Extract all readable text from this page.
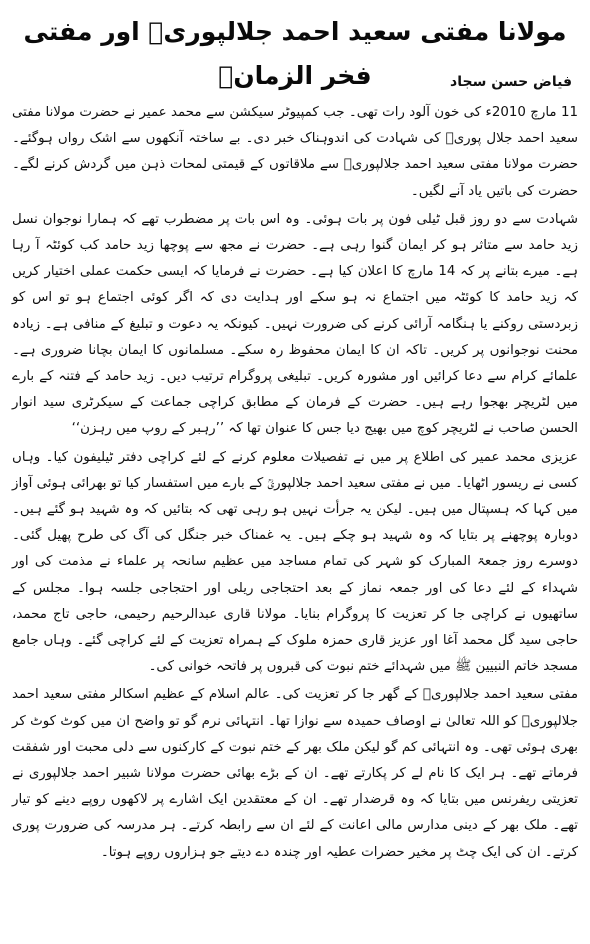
مولانا مفتی سعید احمد جلالپوریؒ اور مفتی فخر الزمانؒ	فیاض حسن سجاد

11 مارچ 2010ء کی خون آلود رات تھی۔ جب کمپیوٹر سیکشن سے محمد عمیر نے حضرت مولانا مفتی سعید احمد جلال پوریؒ کی شہادت کی اندوہناک خبر دی۔ بے ساختہ آنکھوں سے اشک رواں ہوگئے۔ حضرت مولانا مفتی سعید احمد جلالپوریؒ سے ملاقاتوں کے قیمتی لمحات ذہن میں گردش کرنے لگے۔ حضرت کی باتیں یاد آنے لگیں۔

شہادت سے دو روز قبل ٹیلی فون پر بات ہوئی۔ وہ اس بات پر مضطرب تھے کہ ہمارا نوجوان نسل زید حامد سے متاثر ہو کر ایمان گنوا رہی ہے۔ حضرت نے مجھ سے پوچھا زید حامد کب کوئٹہ آ رہا ہے۔ میرے بتانے پر کہ 14 مارچ کا اعلان کیا ہے۔ حضرت نے فرمایا کہ ایسی حکمت عملی اختیار کریں کہ زید حامد کا کوئٹہ میں اجتماع نہ ہو سکے اور ہدایت دی کہ اگر کوئی اجتماع ہو تو اس کو زبردستی روکنے یا ہنگامہ آرائی کرنے کی ضرورت نہیں۔ کیونکہ یہ دعوت و تبلیغ کے منافی ہے۔ زیادہ محنت نوجوانوں پر کریں۔ تاکہ ان کا ایمان محفوظ رہ سکے۔ مسلمانوں کا ایمان بچانا ضروری ہے۔ علمائے کرام سے دعا کرائیں اور مشورہ کریں۔ تبلیغی پروگرام ترتیب دیں۔ زید حامد کے فتنہ کے بارے میں لٹریچر بھجوا رہے ہیں۔ حضرت کے فرمان کے مطابق کراچی جماعت کے سیکرٹری سید انوار الحسن صاحب نے لٹریچر کوچ میں بھیج دیا جس کا عنوان تھا کہ ’’رہبر کے روپ میں رہزن‘‘

عزیزی محمد عمیر کی اطلاع پر میں نے تفصیلات معلوم کرنے کے لئے کراچی دفتر ٹیلیفون کیا۔ وہاں کسی نے ریسور اٹھایا۔ میں نے مفتی سعید احمد جلالپوریؒ کے بارے میں استفسار کیا تو بھرائی ہوئی آواز میں کہا کہ ہسپتال میں ہیں۔ لیکن یہ جرأت نہیں ہو رہی تھی کہ بتائیں کہ وہ شہید ہو گئے ہیں۔ دوبارہ پوچھنے پر بتایا کہ وہ شہید ہو چکے ہیں۔ یہ غمناک خبر جنگل کی آگ کی طرح پھیل گئی۔ دوسرے روز جمعۃ المبارک کو شہر کی تمام مساجد میں عظیم سانحہ پر علماء نے مذمت کی اور شہداء کے لئے دعا کی اور جمعہ نماز کے بعد احتجاجی ریلی اور احتجاجی جلسہ ہوا۔ مجلس کے ساتھیوں نے کراچی جا کر تعزیت کا پروگرام بنایا۔ مولانا قاری عبدالرحیم رحیمی، حاجی تاج محمد، حاجی سید گل محمد آغا اور عزیز قاری حمزہ ملوک کے ہمراہ تعزیت کے لئے کراچی گئے۔ وہاں جامع مسجد خاتم النبیین ﷺ میں شہدائے ختم نبوت کی قبروں پر فاتحہ خوانی کی۔

مفتی سعید احمد جلالپوریؒ کے گھر جا کر تعزیت کی۔ عالم اسلام کے عظیم اسکالر مفتی سعید احمد جلالپوریؒ کو اللہ تعالیٰ نے اوصاف حمیدہ سے نوازا تھا۔ انتہائی نرم گو تو واضح ان میں کوٹ کوٹ کر بھری ہوئی تھی۔ وہ انتہائی کم گو لیکن ملک بھر کے ختم نبوت کے کارکنوں سے دلی محبت اور شفقت فرماتے تھے۔ ہر ایک کا نام لے کر پکارتے تھے۔ ان کے بڑے بھائی حضرت مولانا شبیر احمد جلالپوری نے تعزیتی ریفرنس میں بتایا کہ وہ قرضدار تھے۔ ان کے معتقدین ایک اشارے پر لاکھوں روپے دینے کو تیار تھے۔ ملک بھر کے دینی مدارس مالی اعانت کے لئے ان سے رابطہ کرتے۔ ہر مدرسہ کی ضرورت پوری کرتے۔ ان کی ایک چٹ پر مخیر حضرات عطیہ اور چندہ دے دیتے جو ہزاروں روپے ہوتا۔
